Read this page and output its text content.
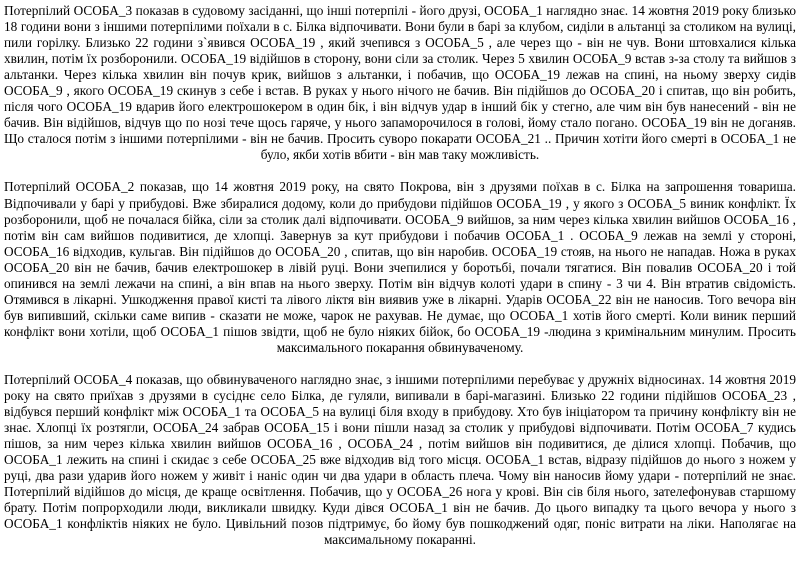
Потерпілий ОСОБА_3 показав в судовому засіданні, що інші потерпілі - його друзі, ОСОБА_1 наглядно знає. 14 жовтня 2019 року близько 18 години вони з іншими потерпілими поїхали в с. Білка відпочивати. Вони були в барі за клубом, сиділи в альтанці за столиком на вулиці, пили горілку. Близько 22 години з`явився ОСОБА_19 , який зчепився з ОСОБА_5 , але через що - він не чув. Вони штовхалися кілька хвилин, потім їх розборонили. ОСОБА_19 відійшов в сторону, вони сіли за столик. Через 5 хвилин ОСОБА_9 встав з-за столу та вийшов з альтанки. Через кілька хвилин він почув крик, вийшов з альтанки, і побачив, що ОСОБА_19 лежав на спині, на ньому зверху сидів ОСОБА_9 , якого ОСОБА_19 скинув з себе і встав. В руках у нього нічого не бачив. Він підійшов до ОСОБА_20 і спитав, що він робить, після чого ОСОБА_19 вдарив його електрошокером в один бік, і він відчув удар в інший бік у стегно, але чим він був нанесений - він не бачив. Він відійшов, відчув що по нозі тече щось гаряче, у нього запаморочилося в голові, йому стало погано. ОСОБА_19 він не доганяв. Що сталося потім з іншими потерпілими - він не бачив. Просить суворо покарати ОСОБА_21 .. Причин хотіти його смерті в ОСОБА_1 не було, якби хотів вбити - він мав таку можливість.

Потерпілий ОСОБА_2 показав, що 14 жовтня 2019 року, на свято Покрова, він з друзями поїхав в с. Білка на запрошення товариша. Відпочивали у барі у прибудові. Вже збиралися додому, коли до прибудови підійшов ОСОБА_19 , у якого з ОСОБА_5 виник конфлікт. Їх розборонили, щоб не почалася бійка, сіли за столик далі відпочивати. ОСОБА_9 вийшов, за ним через кілька хвилин вийшов ОСОБА_16 , потім він сам вийшов подивитися, де хлопці. Завернув за кут прибудови і побачив ОСОБА_1 . ОСОБА_9 лежав на землі у стороні, ОСОБА_16 відходив, кульгав. Він підійшов до ОСОБА_20 , спитав, що він наробив. ОСОБА_19 стояв, на нього не нападав. Ножа в руках ОСОБА_20 він не бачив, бачив електрошокер в лівій руці. Вони зчепилися у боротьбі, почали тягатися. Він повалив ОСОБА_20 і той опинився на землі лежачи на спині, а він впав на нього зверху. Потім він відчув колоті удари в спину - 3 чи 4. Він втратив свідомість. Отямився в лікарні. Ушкодження правої кисті та лівого ліктя він виявив уже в лікарні. Ударів ОСОБА_22 він не наносив. Того вечора він був випивший, скільки саме випив - сказати не може, чарок не рахував. Не думає, що ОСОБА_1 хотів його смерті. Коли виник перший конфлікт вони хотіли, щоб ОСОБА_1 пішов звідти, щоб не було ніяких бійок, бо ОСОБА_19 -людина з кримінальним минулим. Просить максимального покарання обвинуваченому.

Потерпілий ОСОБА_4 показав, що обвинуваченого наглядно знає, з іншими потерпілими перебуває у дружніх відносинах. 14 жовтня 2019 року на свято приїхав з друзями в сусіднє село Білка, де гуляли, випивали в барі-магазині. Близько 22 години підійшов ОСОБА_23 , відбувся перший конфлікт між ОСОБА_1 та ОСОБА_5 на вулиці біля входу в прибудову. Хто був ініціатором та причину конфлікту він не знає. Хлопці їх розтягли, ОСОБА_24 забрав ОСОБА_15 і вони пішли назад за столик у прибудові відпочивати. Потім ОСОБА_7 кудись пішов, за ним через кілька хвилин вийшов ОСОБА_16 , ОСОБА_24 , потім вийшов він подивитися, де ділися хлопці. Побачив, що ОСОБА_1 лежить на спині і скидає з себе ОСОБА_25 вже відходив від того місця. ОСОБА_1 встав, відразу підійшов до нього з ножем у руці, два рази ударив його ножем у живіт і наніс один чи два удари в область плеча. Чому він наносив йому удари - потерпілий не знає. Потерпілий відійшов до місця, де краще освітлення. Побачив, що у ОСОБА_26 нога у крові. Він сів біля нього, зателефонував старшому брату. Потім попрорходили люди, викликали швидку. Куди дівся ОСОБА_1 він не бачив. До цього випадку та цього вечора у нього з ОСОБА_1 конфліктів ніяких не було. Цивільний позов підтримує, бо йому був пошкоджений одяг, поніс витрати на ліки. Наполягає на максимальному покаранні.
